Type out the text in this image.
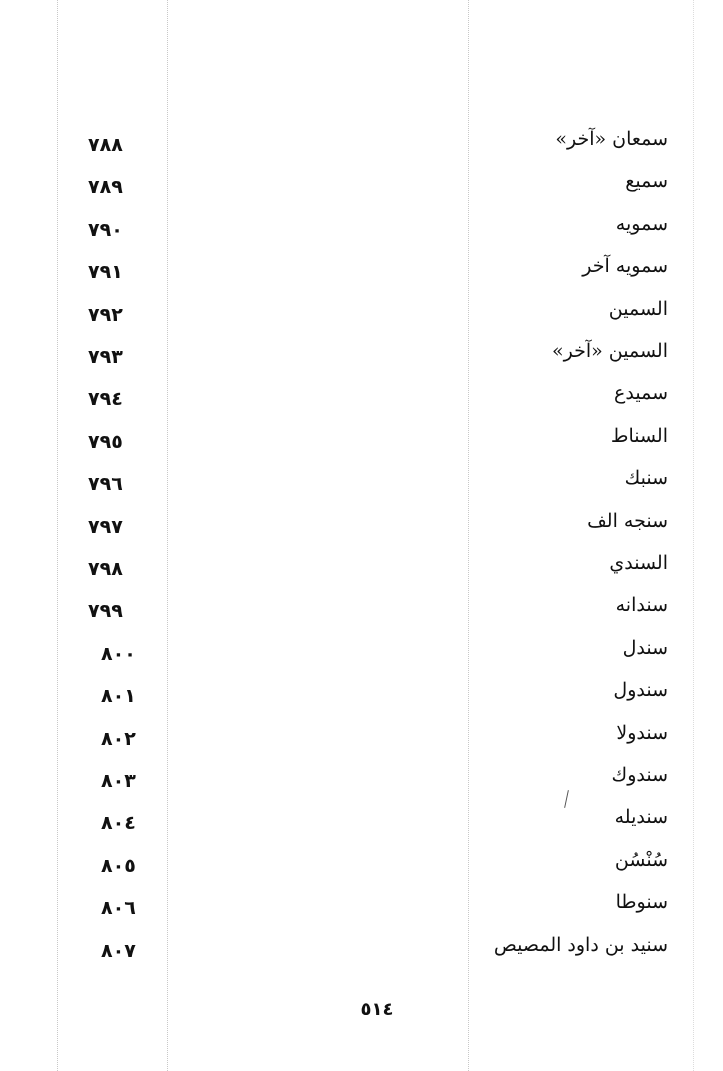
سمعان «آخر»
٧٨٨
سميع
٧٨٩
سمويه
٧٩٠
سمويه آخر
٧٩١
السمين
٧٩٢
السمين «آخر»
٧٩٣
سميدع
٧٩٤
السناط
٧٩٥
سنبك
٧٩٦
سنجه الف
٧٩٧
السندي
٧٩٨
سندانه
٧٩٩
سندل
٨٠٠
سندول
٨٠١
سندولا
٨٠٢
سندوك
٨٠٣
سنديله
٨٠٤
سُنْسُن
٨٠٥
سنوطا
٨٠٦
سنيد بن داود المصيص
٨٠٧
٥١٤
